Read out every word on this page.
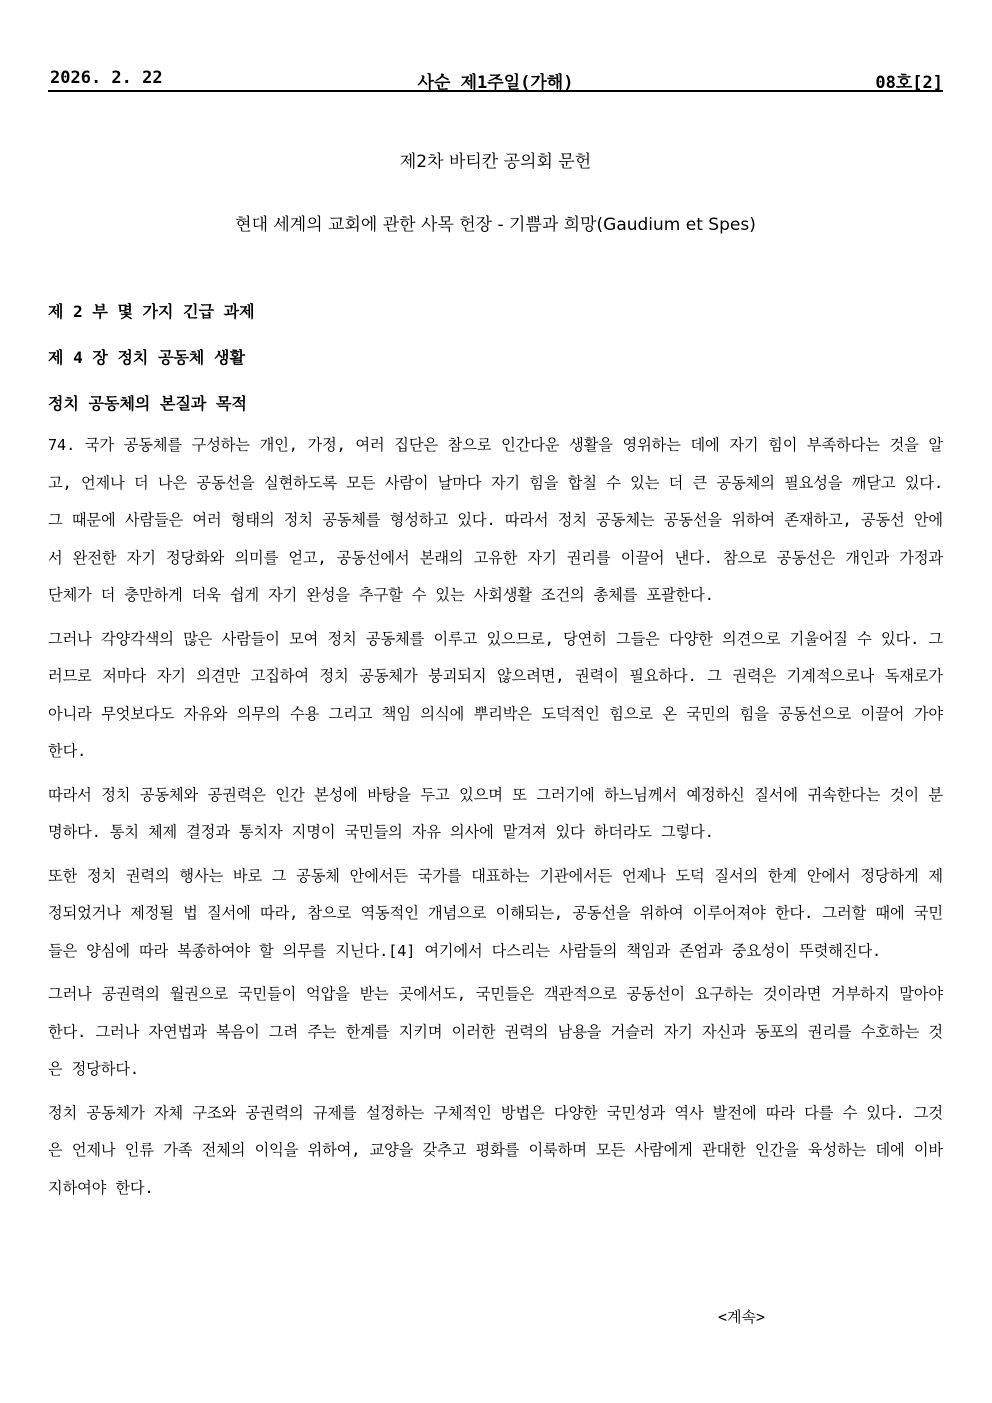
2026. 2. 22	사순 제1주일(가해)	08호[2]
제2차 바티칸 공의회 문헌
현대 세계의 교회에 관한 사목 헌장 - 기쁨과 희망(Gaudium et Spes)
제 2 부 몇 가지 긴급 과제
제 4 장 정치 공동체 생활
정치 공동체의 본질과 목적

74. 국가 공동체를 구성하는 개인, 가정, 여러 집단은 참으로 인간다운 생활을 영위하는 데에 자기 힘이 부족하다는 것을 알고, 언제나 더 나은 공동선을 실현하도록 모든 사람이 날마다 자기 힘을 합칠 수 있는 더 큰 공동체의 필요성을 깨닫고 있다. 그 때문에 사람들은 여러 형태의 정치 공동체를 형성하고 있다. 따라서 정치 공동체는 공동선을 위하여 존재하고, 공동선 안에서 완전한 자기 정당화와 의미를 얻고, 공동선에서 본래의 고유한 자기 권리를 이끌어 낸다. 참으로 공동선은 개인과 가정과 단체가 더 충만하게 더욱 쉽게 자기 완성을 추구할 수 있는 사회생활 조건의 총체를 포괄한다.

그러나 각양각색의 많은 사람들이 모여 정치 공동체를 이루고 있으므로, 당연히 그들은 다양한 의견으로 기울어질 수 있다. 그러므로 저마다 자기 의견만 고집하여 정치 공동체가 붕괴되지 않으려면, 권력이 필요하다. 그 권력은 기계적으로나 독재로가 아니라 무엇보다도 자유와 의무의 수용 그리고 책임 의식에 뿌리박은 도덕적인 힘으로 온 국민의 힘을 공동선으로 이끌어 가야 한다.

따라서 정치 공동체와 공권력은 인간 본성에 바탕을 두고 있으며 또 그러기에 하느님께서 예정하신 질서에 귀속한다는 것이 분명하다. 통치 체제 결정과 통치자 지명이 국민들의 자유 의사에 맡겨져 있다 하더라도 그렇다.

또한 정치 권력의 행사는 바로 그 공동체 안에서든 국가를 대표하는 기관에서든 언제나 도덕 질서의 한계 안에서 정당하게 제정되었거나 제정될 법 질서에 따라, 참으로 역동적인 개념으로 이해되는, 공동선을 위하여 이루어져야 한다. 그러할 때에 국민들은 양심에 따라 복종하여야 할 의무를 지닌다.[4] 여기에서 다스리는 사람들의 책임과 존엄과 중요성이 뚜렷해진다.

그러나 공권력의 월권으로 국민들이 억압을 받는 곳에서도, 국민들은 객관적으로 공동선이 요구하는 것이라면 거부하지 말아야 한다. 그러나 자연법과 복음이 그려 주는 한계를 지키며 이러한 권력의 남용을 거슬러 자기 자신과 동포의 권리를 수호하는 것은 정당하다.

정치 공동체가 자체 구조와 공권력의 규제를 설정하는 구체적인 방법은 다양한 국민성과 역사 발전에 따라 다를 수 있다. 그것은 언제나 인류 가족 전체의 이익을 위하여, 교양을 갖추고 평화를 이룩하며 모든 사람에게 관대한 인간을 육성하는 데에 이바지하여야 한다.

<계속>
